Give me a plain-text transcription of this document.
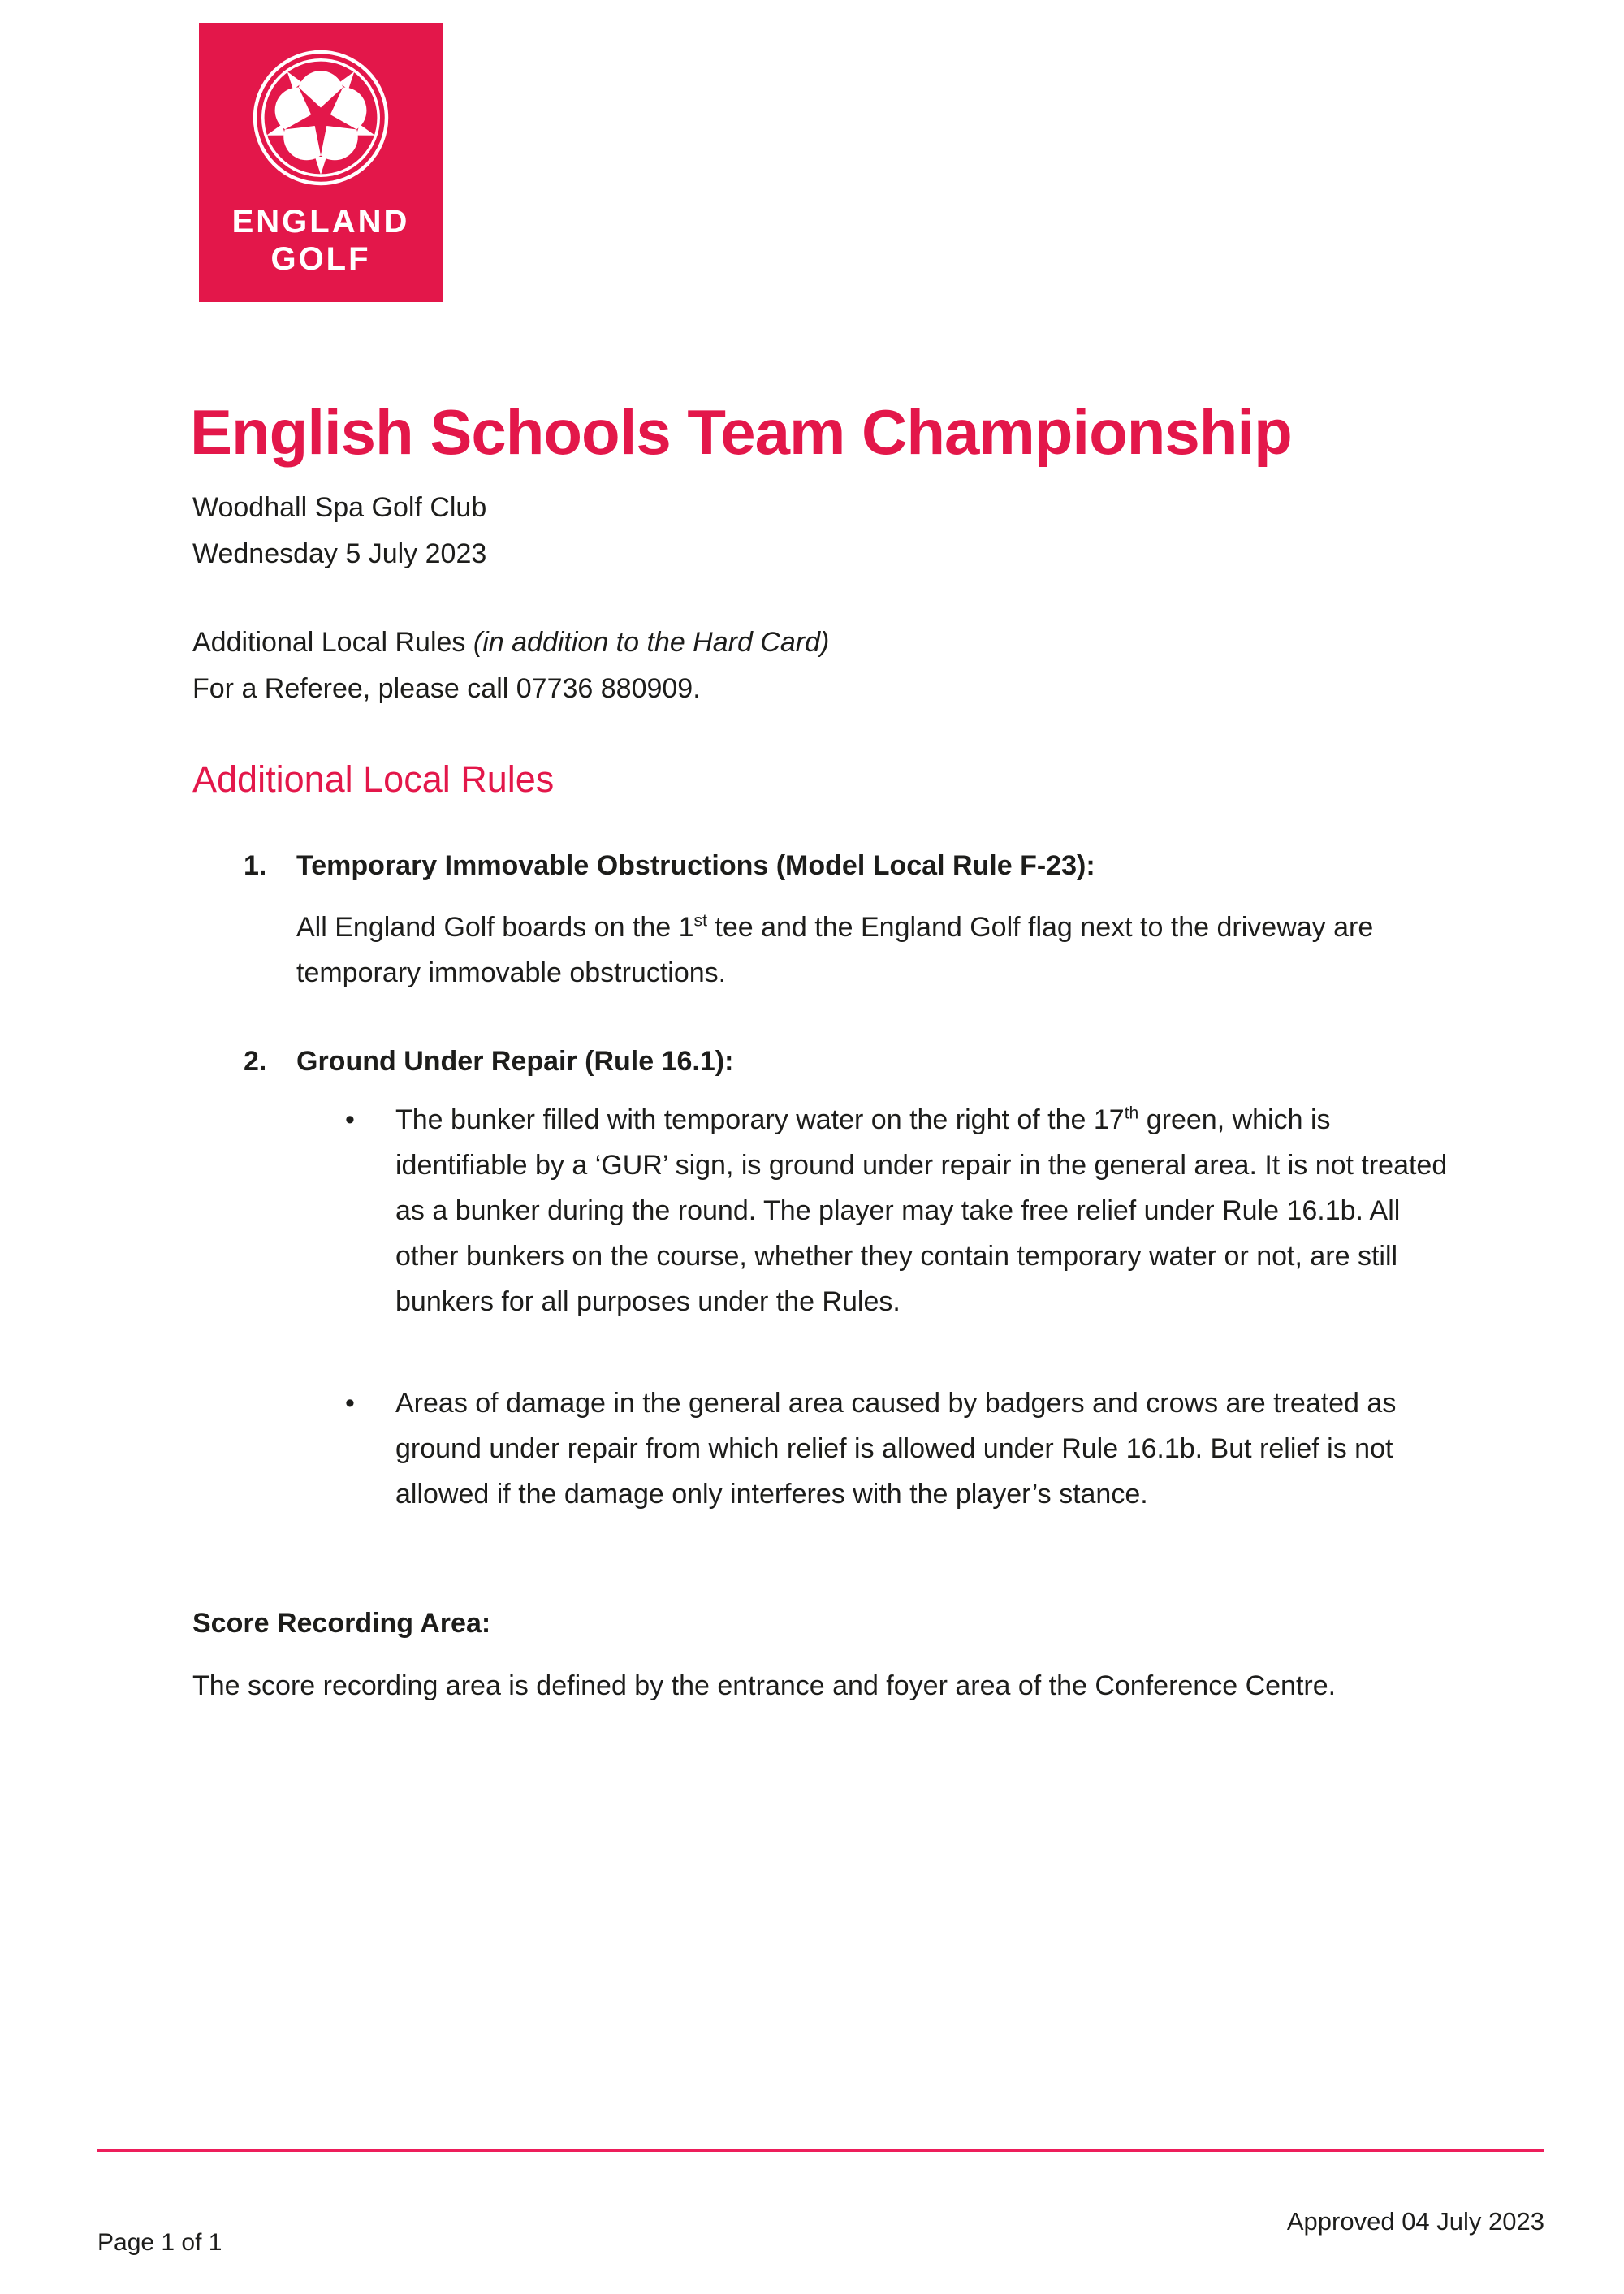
ENGLAND
GOLF
English Schools Team Championship

Woodhall Spa Golf Club

Wednesday 5 July 2023

Additional Local Rules (in addition to the Hard Card)

For a Referee, please call 07736 880909.

Additional Local Rules

1. Temporary Immovable Obstructions (Model Local Rule F-23):

All England Golf boards on the 1st tee and the England Golf flag next to the driveway are temporary immovable obstructions.

2. Ground Under Repair (Rule 16.1):

•	The bunker filled with temporary water on the right of the 17th green, which is identifiable by a ‘GUR’ sign, is ground under repair in the general area. It is not treated as a bunker during the round. The player may take free relief under Rule 16.1b. All other bunkers on the course, whether they contain temporary water or not, are still bunkers for all purposes under the Rules.
•	Areas of damage in the general area caused by badgers and crows are treated as ground under repair from which relief is allowed under Rule 16.1b. But relief is not allowed if the damage only interferes with the player’s stance.

Score Recording Area:

The score recording area is defined by the entrance and foyer area of the Conference Centre.

Page 1 of 1

Approved 04 July 2023
